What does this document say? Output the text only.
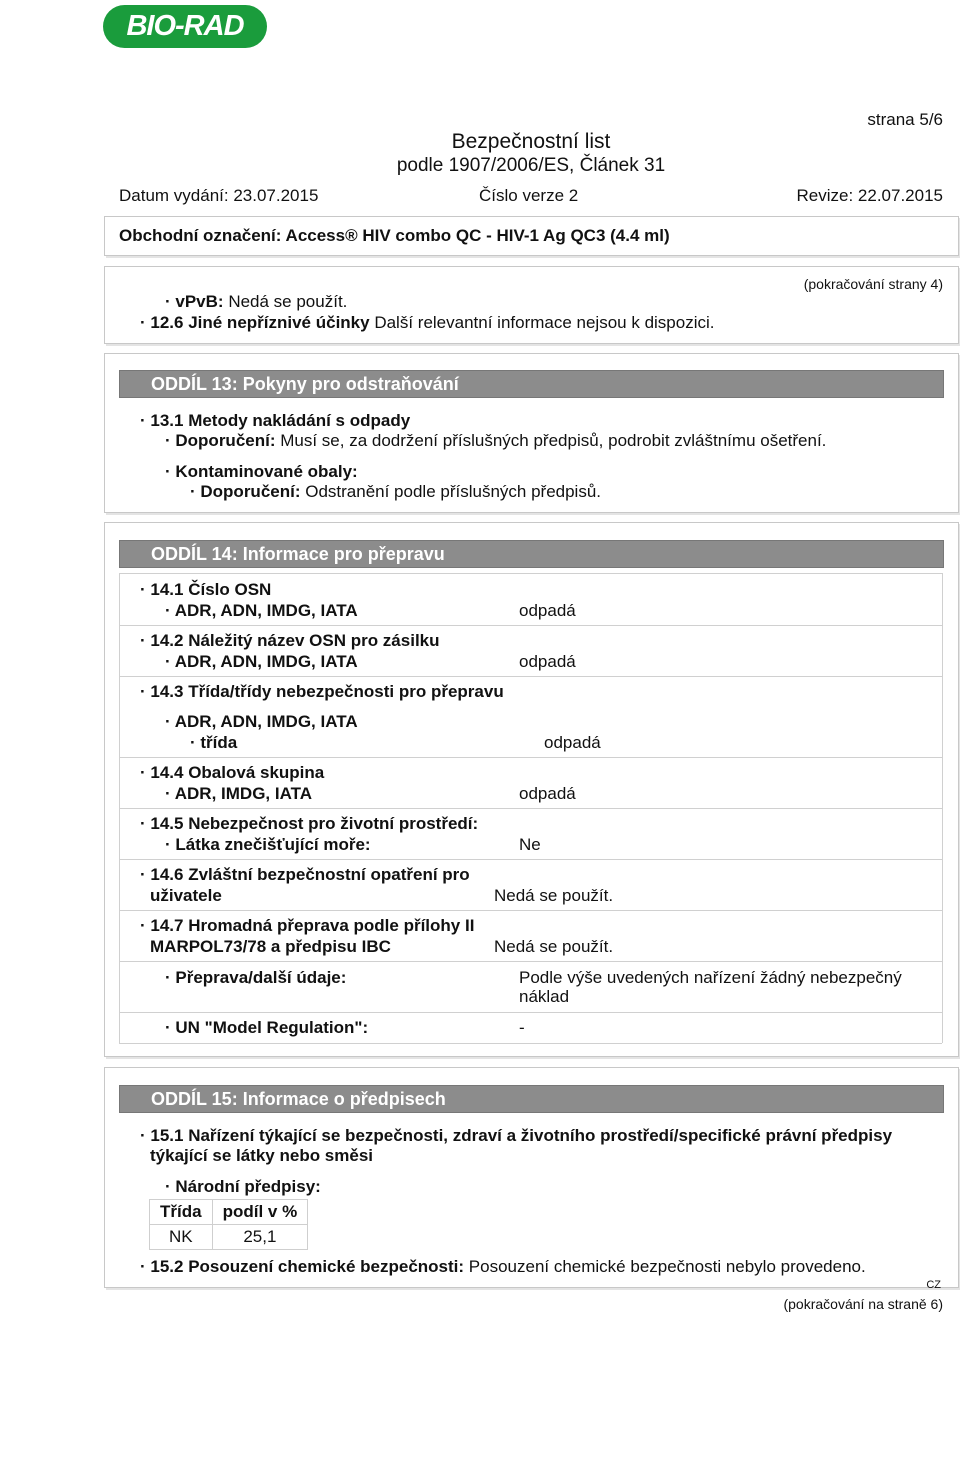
BIO-RAD
strana 5/6
Bezpečnostní list
podle 1907/2006/ES, Článek 31
Datum vydání: 23.07.2015	Číslo verze 2	Revize: 22.07.2015
Obchodní označení: Access® HIV combo QC - HIV-1 Ag QC3 (4.4 ml)
(pokračování strany 4)
· vPvB: Nedá se použít.
· 12.6 Jiné nepříznivé účinky Další relevantní informace nejsou k dispozici.
ODDÍL 13: Pokyny pro odstraňování
· 13.1 Metody nakládání s odpady
· Doporučení: Musí se, za dodržení příslušných předpisů, podrobit zvláštnímu ošetření.
· Kontaminované obaly:
· Doporučení: Odstranění podle příslušných předpisů.
ODDÍL 14: Informace pro přepravu
· 14.1 Číslo OSN
· ADR, ADN, IMDG, IATA	odpadá
· 14.2 Náležitý název OSN pro zásilku
· ADR, ADN, IMDG, IATA	odpadá
· 14.3 Třída/třídy nebezpečnosti pro přepravu
· ADR, ADN, IMDG, IATA
· třída	odpadá
· 14.4 Obalová skupina
· ADR, IMDG, IATA	odpadá
· 14.5 Nebezpečnost pro životní prostředí:
· Látka znečišťující moře:	Ne
· 14.6 Zvláštní bezpečnostní opatření pro
uživatele	Nedá se použít.
· 14.7 Hromadná přeprava podle přílohy II
MARPOL73/78 a předpisu IBC	Nedá se použít.
· Přeprava/další údaje:	Podle výše uvedených nařízení žádný nebezpečný
náklad
· UN "Model Regulation":	-
ODDÍL 15: Informace o předpisech
· 15.1 Nařízení týkající se bezpečnosti, zdraví a životního prostředí/specifické právní předpisy
týkající se látky nebo směsi
· Národní předpisy:
Třída	podíl v %
NK	25,1
· 15.2 Posouzení chemické bezpečnosti: Posouzení chemické bezpečnosti nebylo provedeno.
CZ
(pokračování na straně 6)
